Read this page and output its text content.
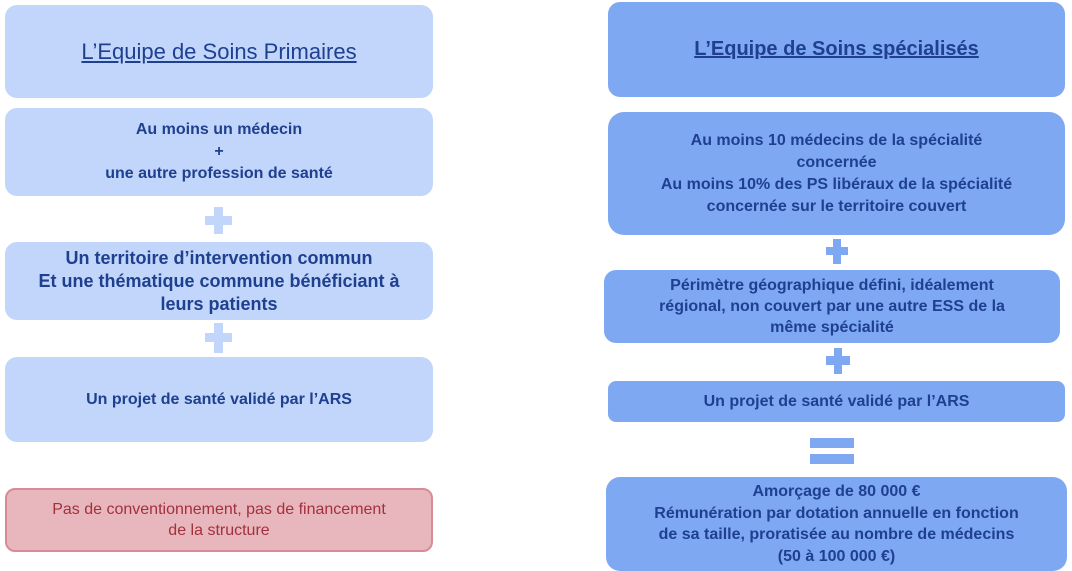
L’Equipe de Soins Primaires
Au moins un médecin
+
une autre profession de santé
Un territoire d’intervention commun
Et une thématique commune bénéficiant à
leurs patients
Un projet de santé validé par l’ARS
Pas de conventionnement, pas de financement
de la structure
L’Equipe de Soins spécialisés
Au moins 10 médecins de la spécialité
concernée
Au moins 10% des PS libéraux de la spécialité
concernée sur le territoire couvert
Périmètre géographique défini, idéalement
régional, non couvert par une autre ESS de la
même spécialité
Un projet de santé validé par l’ARS
Amorçage de 80 000 €
Rémunération par dotation annuelle en fonction
de sa taille, proratisée au nombre de médecins
(50 à 100 000 €)
